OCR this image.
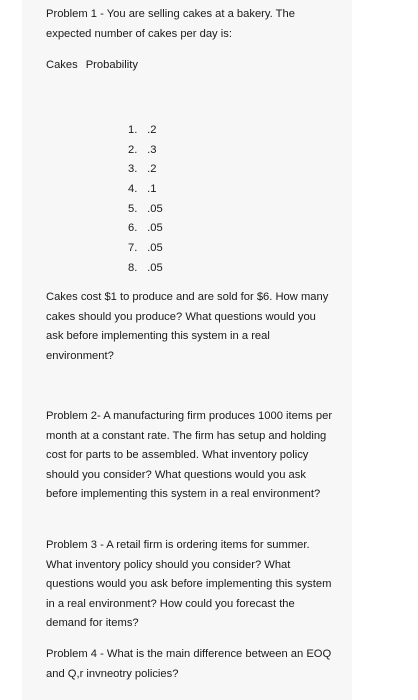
Problem 1 - You are selling cakes at a bakery. The expected number of cakes per day is:

Cakes Probability
1. .2
2. .3
3. .2
4. .1
5. .05
6. .05
7. .05
8. .05

Cakes cost $1 to produce and are sold for $6. How many cakes should you produce? What questions would you ask before implementing this system in a real environment?

Problem 2- A manufacturing firm produces 1000 items per month at a constant rate. The firm has setup and holding cost for parts to be assembled. What inventory policy should you consider? What questions would you ask before implementing this system in a real environment?

Problem 3 - A retail firm is ordering items for summer. What inventory policy should you consider? What questions would you ask before implementing this system in a real environment? How could you forecast the demand for items?

Problem 4 - What is the main difference between an EOQ and Q,r invneotry policies?
